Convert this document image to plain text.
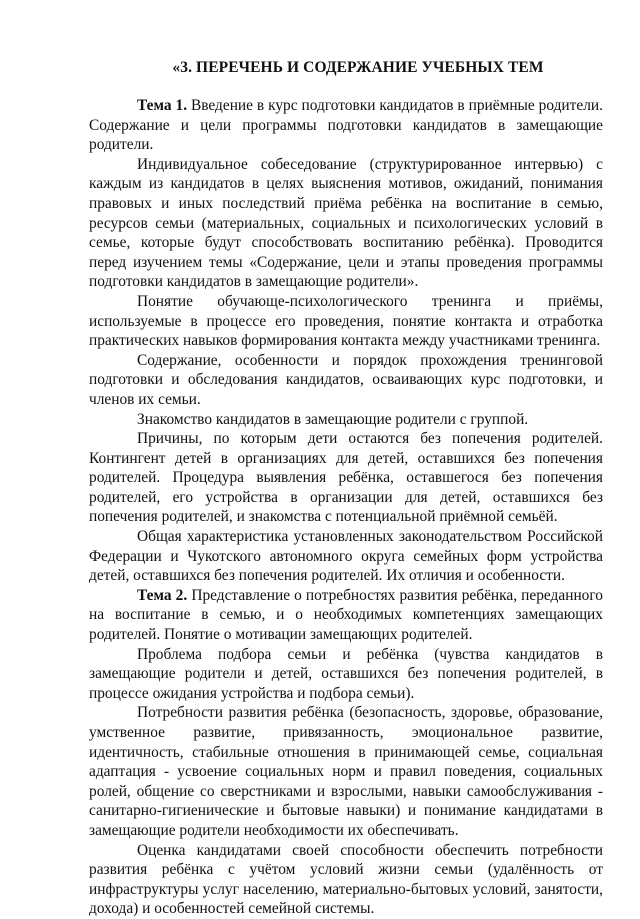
«3. ПЕРЕЧЕНЬ И СОДЕРЖАНИЕ УЧЕБНЫХ ТЕМ

Тема 1. Введение в курс подготовки кандидатов в приёмные родители. Содержание и цели программы подготовки кандидатов в замещающие родители.

Индивидуальное собеседование (структурированное интервью) с каждым из кандидатов в целях выяснения мотивов, ожиданий, понимания правовых и иных последствий приёма ребёнка на воспитание в семью, ресурсов семьи (материальных, социальных и психологических условий в семье, которые будут способствовать воспитанию ребёнка). Проводится перед изучением темы «Содержание, цели и этапы проведения программы подготовки кандидатов в замещающие родители».

Понятие обучающе-психологического тренинга и приёмы, используемые в процессе его проведения, понятие контакта и отработка практических навыков формирования контакта между участниками тренинга.

Содержание, особенности и порядок прохождения тренинговой подготовки и обследования кандидатов, осваивающих курс подготовки, и членов их семьи.

Знакомство кандидатов в замещающие родители с группой.

Причины, по которым дети остаются без попечения родителей. Контингент детей в организациях для детей, оставшихся без попечения родителей. Процедура выявления ребёнка, оставшегося без попечения родителей, его устройства в организации для детей, оставшихся без попечения родителей, и знакомства с потенциальной приёмной семьёй.

Общая характеристика установленных законодательством Российской Федерации и Чукотского автономного округа семейных форм устройства детей, оставшихся без попечения родителей. Их отличия и особенности.

Тема 2. Представление о потребностях развития ребёнка, переданного на воспитание в семью, и о необходимых компетенциях замещающих родителей. Понятие о мотивации замещающих родителей.

Проблема подбора семьи и ребёнка (чувства кандидатов в замещающие родители и детей, оставшихся без попечения родителей, в процессе ожидания устройства и подбора семьи).

Потребности развития ребёнка (безопасность, здоровье, образование, умственное развитие, привязанность, эмоциональное развитие, идентичность, стабильные отношения в принимающей семье, социальная адаптация - усвоение социальных норм и правил поведения, социальных ролей, общение со сверстниками и взрослыми, навыки самообслуживания - санитарно-гигиенические и бытовые навыки) и понимание кандидатами в замещающие родители необходимости их обеспечивать.

Оценка кандидатами своей способности обеспечить потребности развития ребёнка с учётом условий жизни семьи (удалённость от инфраструктуры услуг населению, материально-бытовых условий, занятости, дохода) и особенностей семейной системы.
